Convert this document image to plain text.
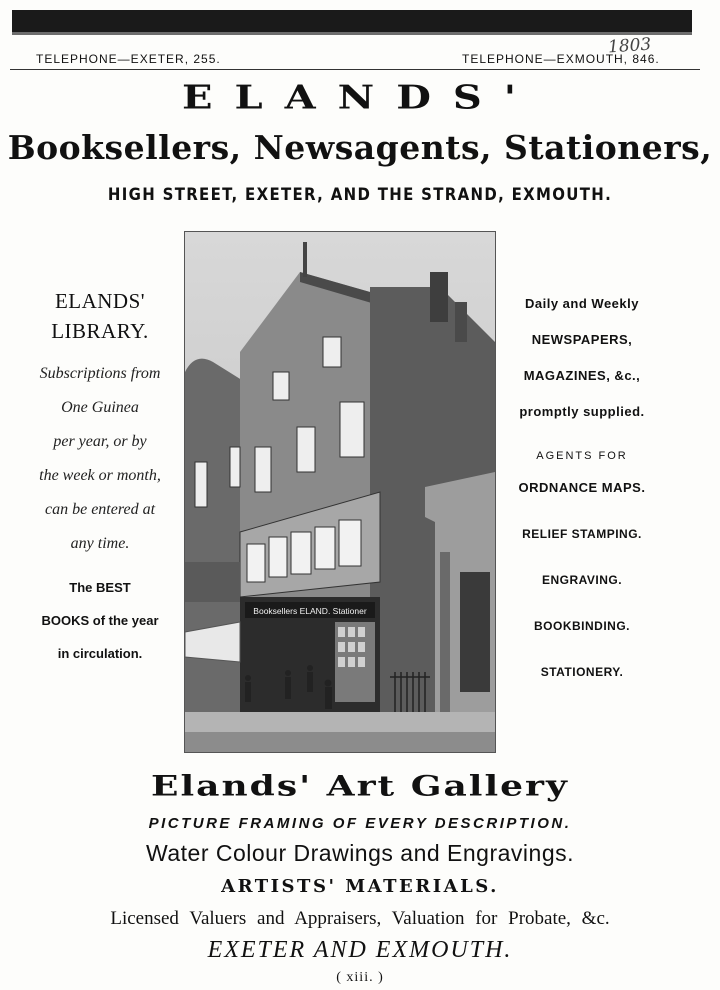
TELEPHONE—EXETER, 255.	TELEPHONE—EXMOUTH, 846.
1803
ELANDS'
Booksellers, Newsagents, Stationers,
HIGH STREET, EXETER, AND THE STRAND, EXMOUTH.
ELANDS'
LIBRARY.
Subscriptions from
One Guinea
per year, or by
the week or month,
can be entered at
any time.
The BEST
BOOKS of the year
in circulation.
Booksellers ELAND. Stationer
Daily and Weekly
NEWSPAPERS,
MAGAZINES, &c.,
promptly supplied.
AGENTS FOR
ORDNANCE MAPS.
RELIEF STAMPING.
ENGRAVING.
BOOKBINDING.
STATIONERY.
Elands' Art Gallery
PICTURE FRAMING OF EVERY DESCRIPTION.
Water Colour Drawings and Engravings.
ARTISTS' MATERIALS.
Licensed Valuers and Appraisers, Valuation for Probate, &c.
EXETER AND EXMOUTH.
( xiii. )
